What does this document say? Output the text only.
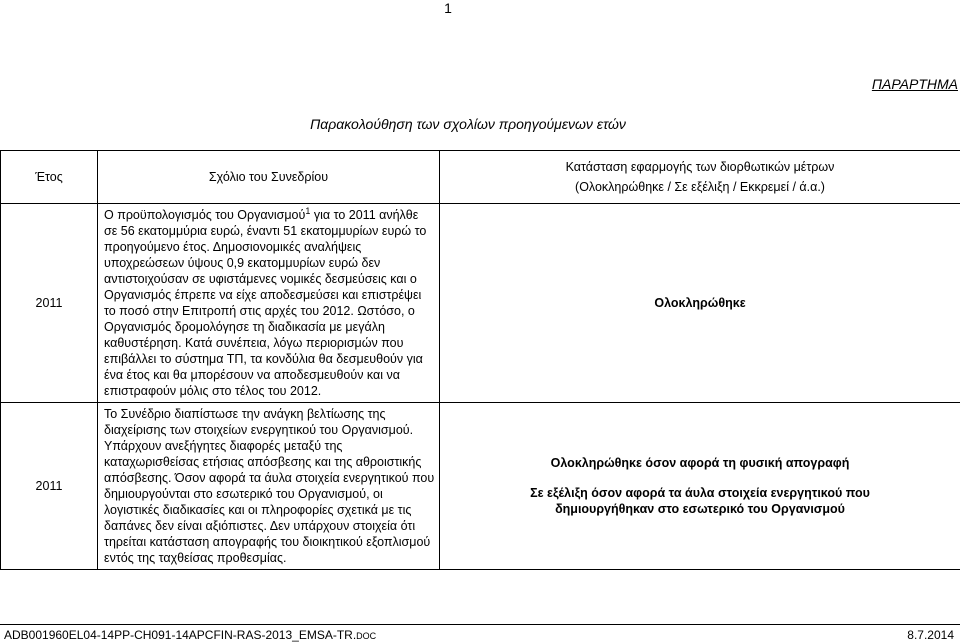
1
ΠΑΡΑΡΤΗΜΑ
Παρακολούθηση των σχολίων προηγούμενων ετών
Έτος	Σχόλιο του Συνεδρίου	Κατάσταση εφαρμογής των διορθωτικών μέτρων
(Ολοκληρώθηκε / Σε εξέλιξη / Εκκρεμεί / ά.α.)

2011	Ο προϋπολογισμός του Οργανισμού$^1$ για το 2011 ανήλθε σε 56 εκατομμύρια ευρώ, έναντι 51 εκατομμυρίων ευρώ το προηγούμενο έτος. Δημοσιονομικές αναλήψεις υποχρεώσεων ύψους 0,9 εκατομμυρίων ευρώ δεν αντιστοιχούσαν σε υφιστάμενες νομικές δεσμεύσεις και ο Οργανισμός έπρεπε να είχε αποδεσμεύσει και επιστρέψει το ποσό στην Επιτροπή στις αρχές του 2012. Ωστόσο, ο Οργανισμός δρομολόγησε τη διαδικασία με μεγάλη καθυστέρηση. Κατά συνέπεια, λόγω περιορισμών που επιβάλλει το σύστημα ΤΠ, τα κονδύλια θα δεσμευθούν για ένα έτος και θα μπορέσουν να αποδεσμευθούν και να επιστραφούν μόλις στο τέλος του 2012.	Ολοκληρώθηκε
2011	Το Συνέδριο διαπίστωσε την ανάγκη βελτίωσης της διαχείρισης των στοιχείων ενεργητικού του Οργανισμού. Υπάρχουν ανεξήγητες διαφορές μεταξύ της καταχωρισθείσας ετήσιας απόσβεσης και της αθροιστικής απόσβεσης. Όσον αφορά τα άυλα στοιχεία ενεργητικού που δημιουργούνται στο εσωτερικό του Οργανισμού, οι λογιστικές διαδικασίες και οι πληροφορίες σχετικά με τις δαπάνες δεν είναι αξιόπιστες. Δεν υπάρχουν στοιχεία ότι τηρείται κατάσταση απογραφής του διοικητικού εξοπλισμού εντός της ταχθείσας προθεσμίας.	Ολοκληρώθηκε όσον αφορά τη φυσική απογραφή
Σε εξέλιξη όσον αφορά τα άυλα στοιχεία ενεργητικού που δημιουργήθηκαν στο εσωτερικό του Οργανισμού
ADB001960EL04-14PP-CH091-14APCFIN-RAS-2013_EMSA-TR.DOC	8.7.2014
